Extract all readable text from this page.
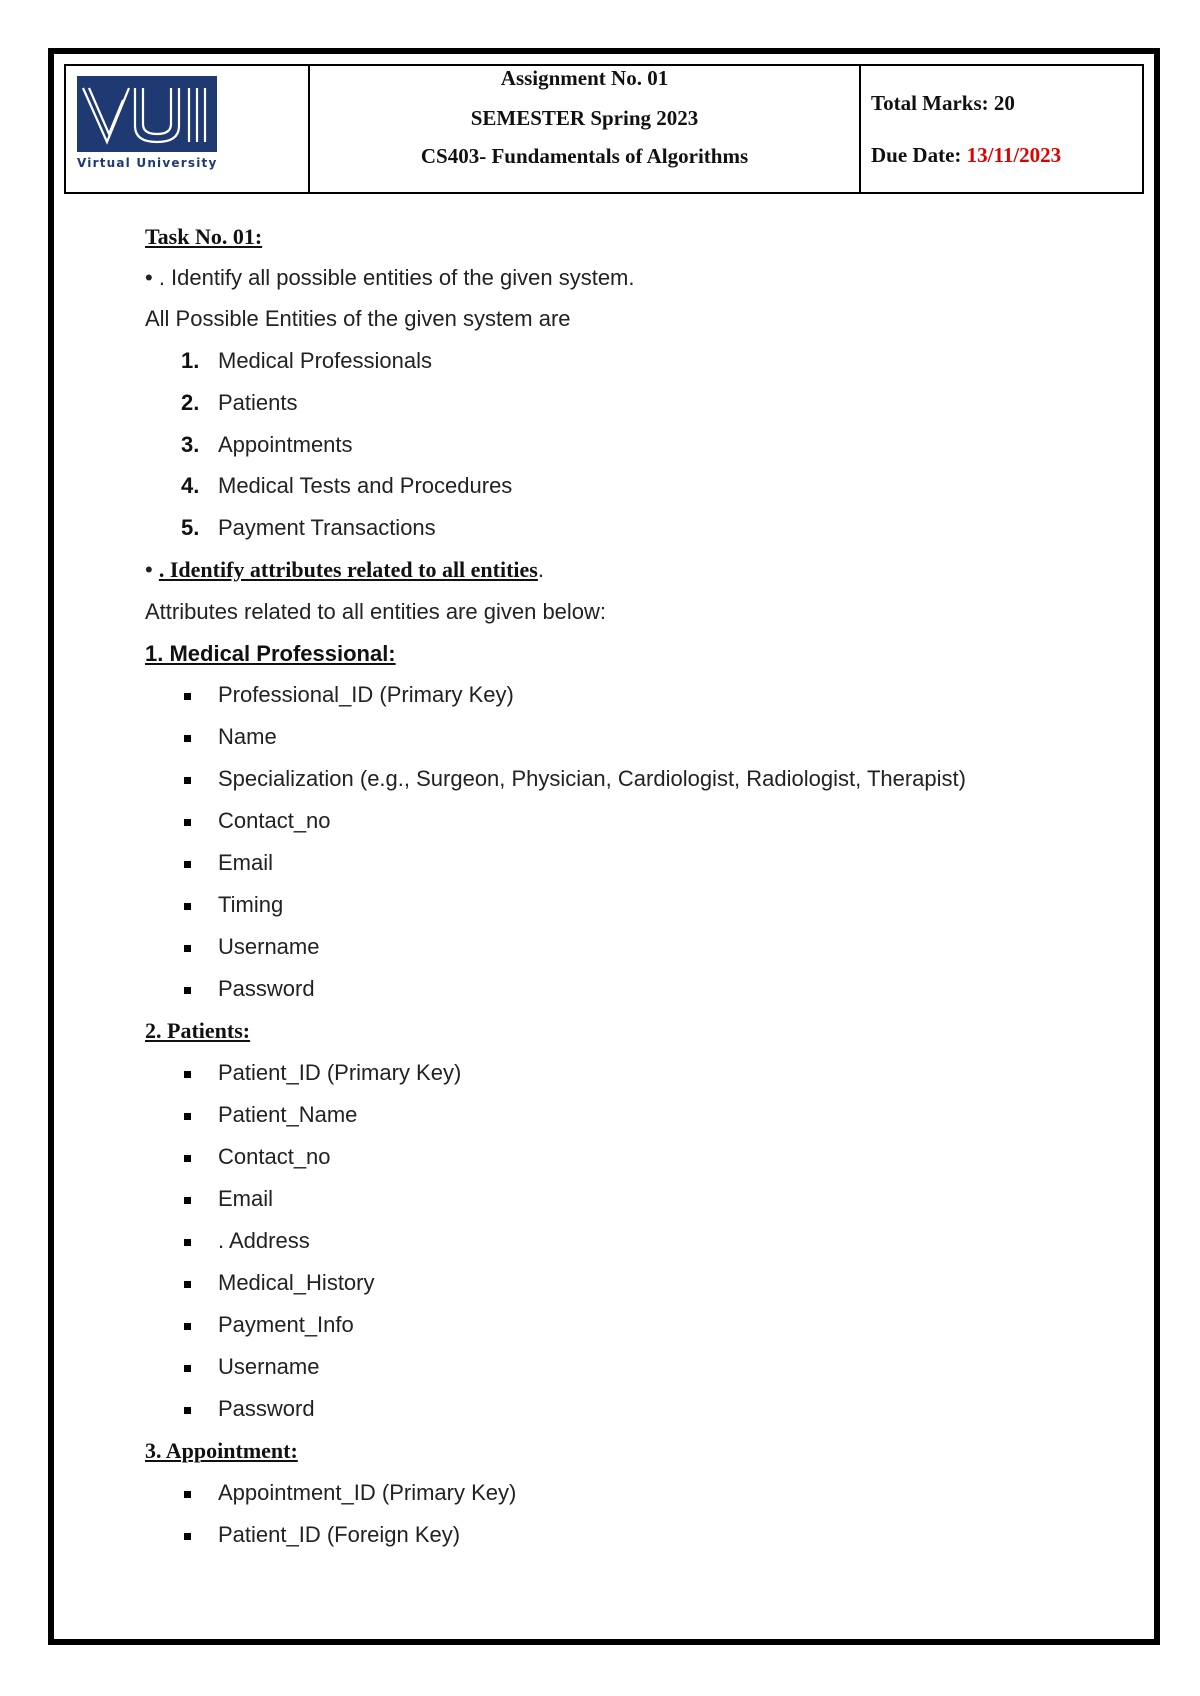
Virtual University
Assignment No. 01
SEMESTER Spring 2023
CS403- Fundamentals of Algorithms
Total Marks: 20
Due Date: 13/11/2023
Task No. 01:
• . Identify all possible entities of the given system.
All Possible Entities of the given system are
1. Medical Professionals
2. Patients
3. Appointments
4. Medical Tests and Procedures
5. Payment Transactions
• . Identify attributes related to all entities.
Attributes related to all entities are given below:
1. Medical Professional:
Professional_ID (Primary Key)
Name
Specialization (e.g., Surgeon, Physician, Cardiologist, Radiologist, Therapist)
Contact_no
Email
Timing
Username
Password
2. Patients:
Patient_ID (Primary Key)
Patient_Name
Contact_no
Email
. Address
Medical_History
Payment_Info
Username
Password
3. Appointment:
Appointment_ID (Primary Key)
Patient_ID (Foreign Key)
